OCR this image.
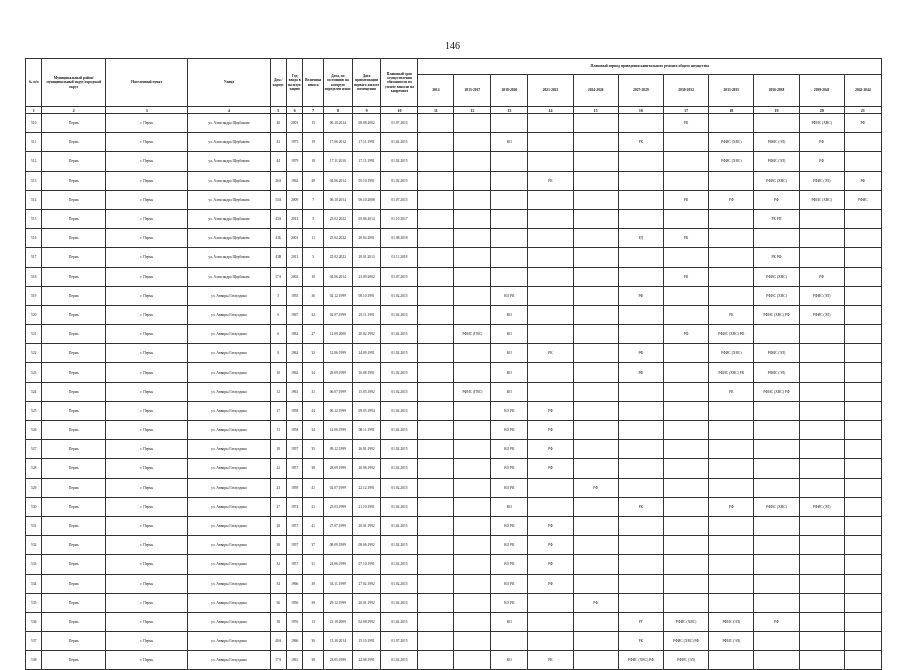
146
№ п/п	Муниципальный район/ муниципальный округ/городской округ	Населенный пункт	Улица	Дом / корпус	Год ввода в эксплуатацию	Величина износа	Дата, по состоянию на которую определен износ	Дата приватизации первого жилого помещения	Плановый срок осуществления обязанности по уплате взносов на капремонт	Плановый период проведения капитального ремонта общего имущества										
										2014	2015-2017	2018-2020	2021-2023	2024-2026	2027-2029	2030-2032	2033-2035	2036-2038	2039-2041	2042-2044
1	2	3	4	5	6	7	8	9	10	11	12	13	14	15	16	17	18	19	20	21
510	Пермь	г. Пермь	ул. Александра Щербакова	40	2001	15	06.10.2014	08.08.2002	01.07.2015							РК			РФИС (ХВС)	РФ
511	Пермь	г. Пермь	ул. Александра Щербакова	43	1975	19	17.06.2012	17.11.1991	01.02.2015			КО			РК		РФИС (ХВС)	РФИС (ЭЛ)	РФ	
512	Пермь	г. Пермь	ул. Александра Щербакова	44	1979	18	17.11.2010	17.11.1991	01.02.2015								РФИС (ХВС)	РФИС (ЭЛ)	РФ	
513	Пермь	г. Пермь	ул. Александра Щербакова	26А	1962	28	04.06.2014	05.10.1991	01.02.2015				РК					РФИС (ХВС)	РФИС (ЭЛ)	РФ
514	Пермь	г. Пермь	ул. Александра Щербакова	33А	2009	7	06.10.2014	06.10.2008	01.07.2015							РК	РФ	РФ	РФИС (ХВС)	РФИС
515	Пермь	г. Пермь	ул. Александра Щербакова	43А	2013	5	25.02.2022	05.06.2014	01.10.2017									РК РП		
516	Пермь	г. Пермь	ул. Александра Щербакова	43Б	2001	11	25.02.2022	20.04.2001	01.08.2018						РД	РК				
517	Пермь	г. Пермь	ул. Александра Щербакова	43В	2013	5	25.02.2022	29.01.2013	01.11.2018									РК РФ		
518	Пермь	г. Пермь	ул. Александра Щербакова	17А	2002	10	04.06.2014	23.09.2002	01.07.2015							РК		РФИС (ХВС)	РФ	
519	Пермь	г. Пермь	ул. Аввиры Гатаулдина	5	1955	36	02.12.1999	08.10.1991	01.02.2015			КО РК			РФ			РФИС (ХВС)	РФИС (ЭЛ)	
520	Пермь	г. Пермь	ул. Аввиры Гатаулдина	6	1967	32	02.07.1999	25.11.1991	01.02.2015			КО					РК	РФИС (ХВС) РФ	РФИС (ЭЛ)	
521	Пермь	г. Пермь	ул. Аввиры Гатаулдина	6	1962	27	12.09.2000	20.02.1992	01.02.2015		РФИС (ГВС)	КО				РФ	РФИС (ХВС) РФ			
522	Пермь	г. Пермь	ул. Аввиры Гатаулдина	8	1962	32	12.06.1999	24.09.1991	01.02.2015			КО	РК		РФ		РФИС (ХВС)	РФИС (ЭЛ)		
523	Пермь	г. Пермь	ул. Аввиры Гатаулдина	10	1962	34	28.09.1999	16.08.1991	01.02.2015			КО			РФ		РФИС (ХВС) РК	РФИС (ЭЛ)		
524	Пермь	г. Пермь	ул. Аввиры Гатаулдина	12	1961	31	06.07.1999	15.05.1992	01.02.2015		РФИС (ГВС)	КО					РК	РФИС (ХВС) РФ		
525	Пермь	г. Пермь	ул. Аввиры Гатаулдина	17	1958	44	06.12.1999	09.05.1994	01.02.2015			КО РК	РФ							
526	Пермь	г. Пермь	ул. Аввиры Гатаулдина	13	1958	34	14.06.1999	08.11.1991	01.02.2015			КО РК	РФ							
527	Пермь	г. Пермь	ул. Аввиры Гатаулдина	18	1957	35	09.12.1999	26.01.1992	01.02.2015			КО РК	РФ							
528	Пермь	г. Пермь	ул. Аввиры Гатаулдина	22	1957	38	28.09.1999	10.06.1992	01.02.2015			КО РК	РФ							
529	Пермь	г. Пермь	ул. Аввиры Гатаулдина	23	1959	41	02.07.1999	22.12.1991	01.02.2015			КО РК		РФ						
530	Пермь	г. Пермь	ул. Аввиры Гатаулдина	27	1974	21	25.03.1999	21.10.1991	01.02.2015			КО			РК		РФ	РФИС (ХВС)	РФИС (ЭЛ)	
531	Пермь	г. Пермь	ул. Аввиры Гатаулдина	28	1957	41	27.07.1999	20.01.1992	01.02.2015			КО РК	РФ							
532	Пермь	г. Пермь	ул. Аввиры Гатаулдина	30	1957	37	08.09.1999	08.06.1992	01.02.2015			КО РК	РФ							
533	Пермь	г. Пермь	ул. Аввиры Гатаулдина	32	1957	31	24.06.1999	07.10.1991	01.02.2015			КО РК	РФ							
534	Пермь	г. Пермь	ул. Аввиры Гатаулдина	34	1966	39	04.11.1999	27.02.1992	01.02.2015			КО РК	РФ							
535	Пермь	г. Пермь	ул. Аввиры Гатаулдина	36	1956	39	29.12.1999	20.01.1992	01.02.2015			КО РК		РФ						
536	Пермь	г. Пермь	ул. Аввиры Гатаулдина	38	1976	13	21.10.2009	02.08.1992	01.02.2015			КО			РГ	РФИС (ХВС)	РФИС (ЭЛ)	РФ		
537	Пермь	г. Пермь	ул. Аввиры Гатаулдина	40А	1966	30	13.10.2014	15.10.1991	01.07.2015						РК	РФИС (ХВС) РФ	РФИС (ЭЛ)			
538	Пермь	г. Пермь	ул. Аввиры Гатаулдина	17А	1961	38	23.05.1999	22.08.1991	01.02.2015			КО	РК		РФИС (ХВС) РФ	РФИС (ЭЛ)				
